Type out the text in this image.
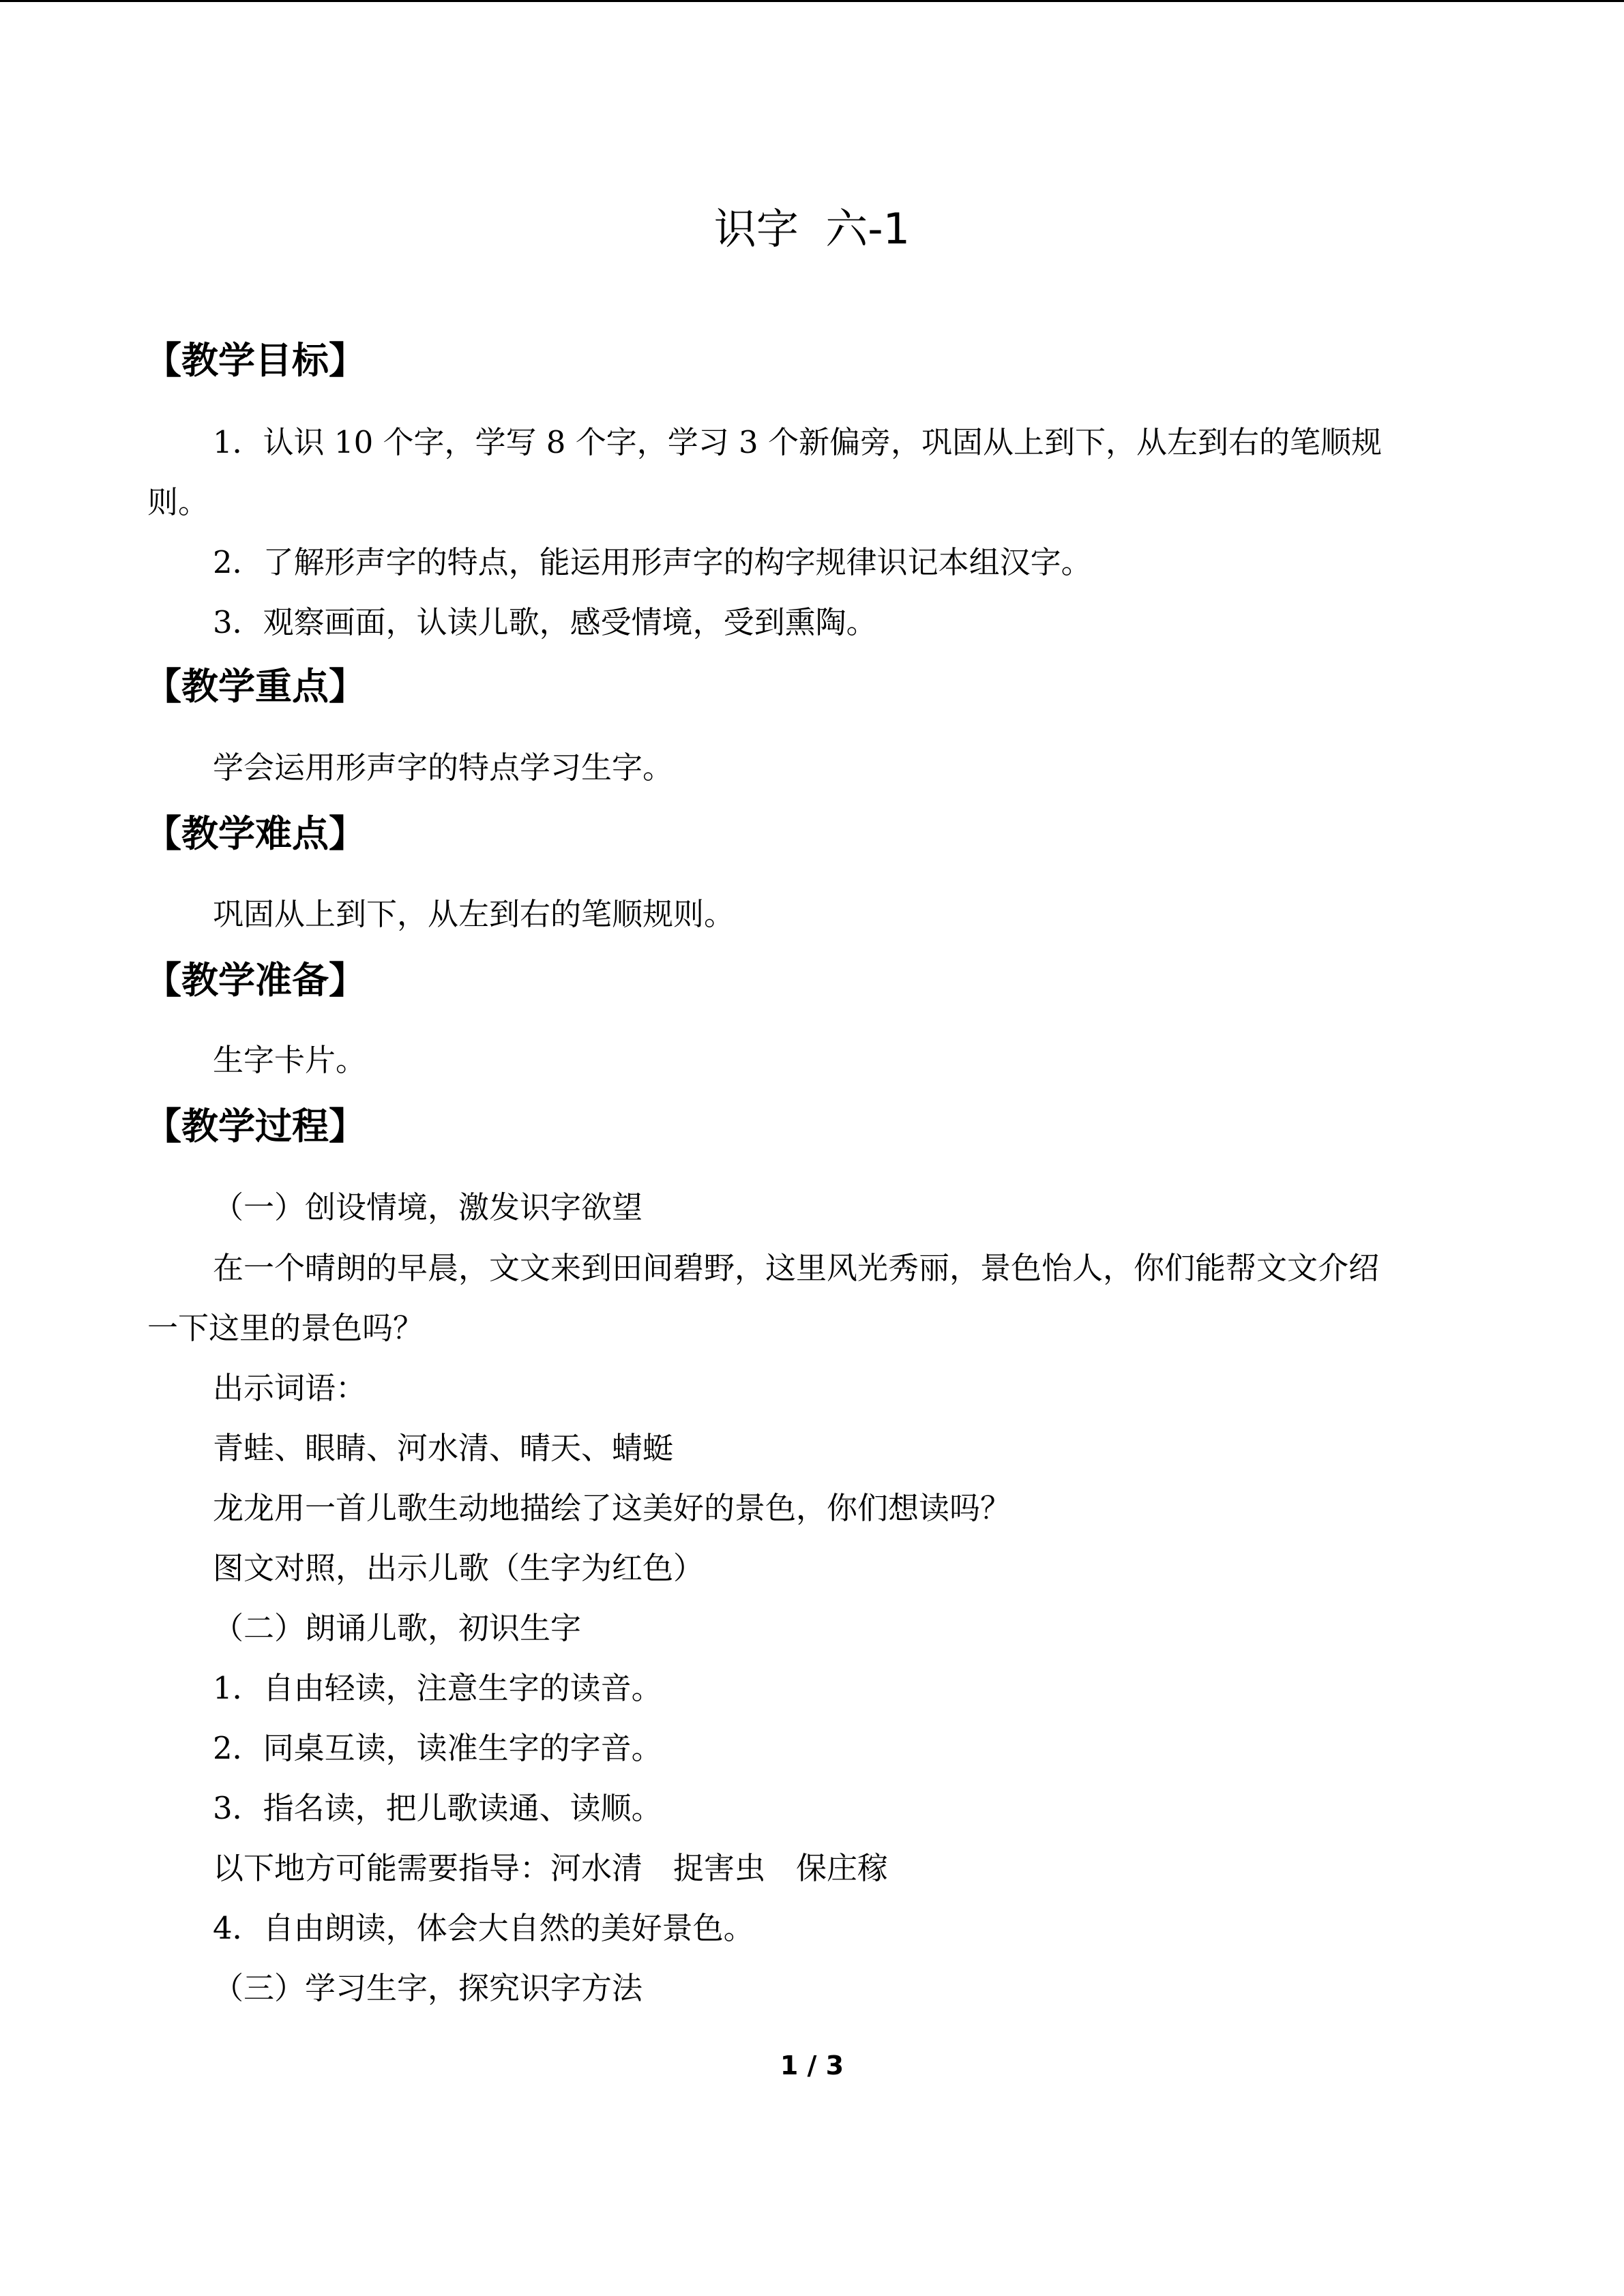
识字  六-1
【教学目标】
1．认识 10 个字，学写 8 个字，学习 3 个新偏旁，巩固从上到下，从左到右的笔顺规
则。
2．了解形声字的特点，能运用形声字的构字规律识记本组汉字。
3．观察画面，认读儿歌，感受情境，受到熏陶。
【教学重点】
学会运用形声字的特点学习生字。
【教学难点】
巩固从上到下，从左到右的笔顺规则。
【教学准备】
生字卡片。
【教学过程】
（一）创设情境，激发识字欲望
在一个晴朗的早晨，文文来到田间碧野，这里风光秀丽，景色怡人，你们能帮文文介绍
一下这里的景色吗？
出示词语：
青蛙、眼睛、河水清、晴天、蜻蜓
龙龙用一首儿歌生动地描绘了这美好的景色，你们想读吗？
图文对照，出示儿歌（生字为红色）
（二）朗诵儿歌，初识生字
1．自由轻读，注意生字的读音。
2．同桌互读，读准生字的字音。
3．指名读，把儿歌读通、读顺。
以下地方可能需要指导：河水清　捉害虫　保庄稼
4．自由朗读，体会大自然的美好景色。
（三）学习生字，探究识字方法
1 / 3
